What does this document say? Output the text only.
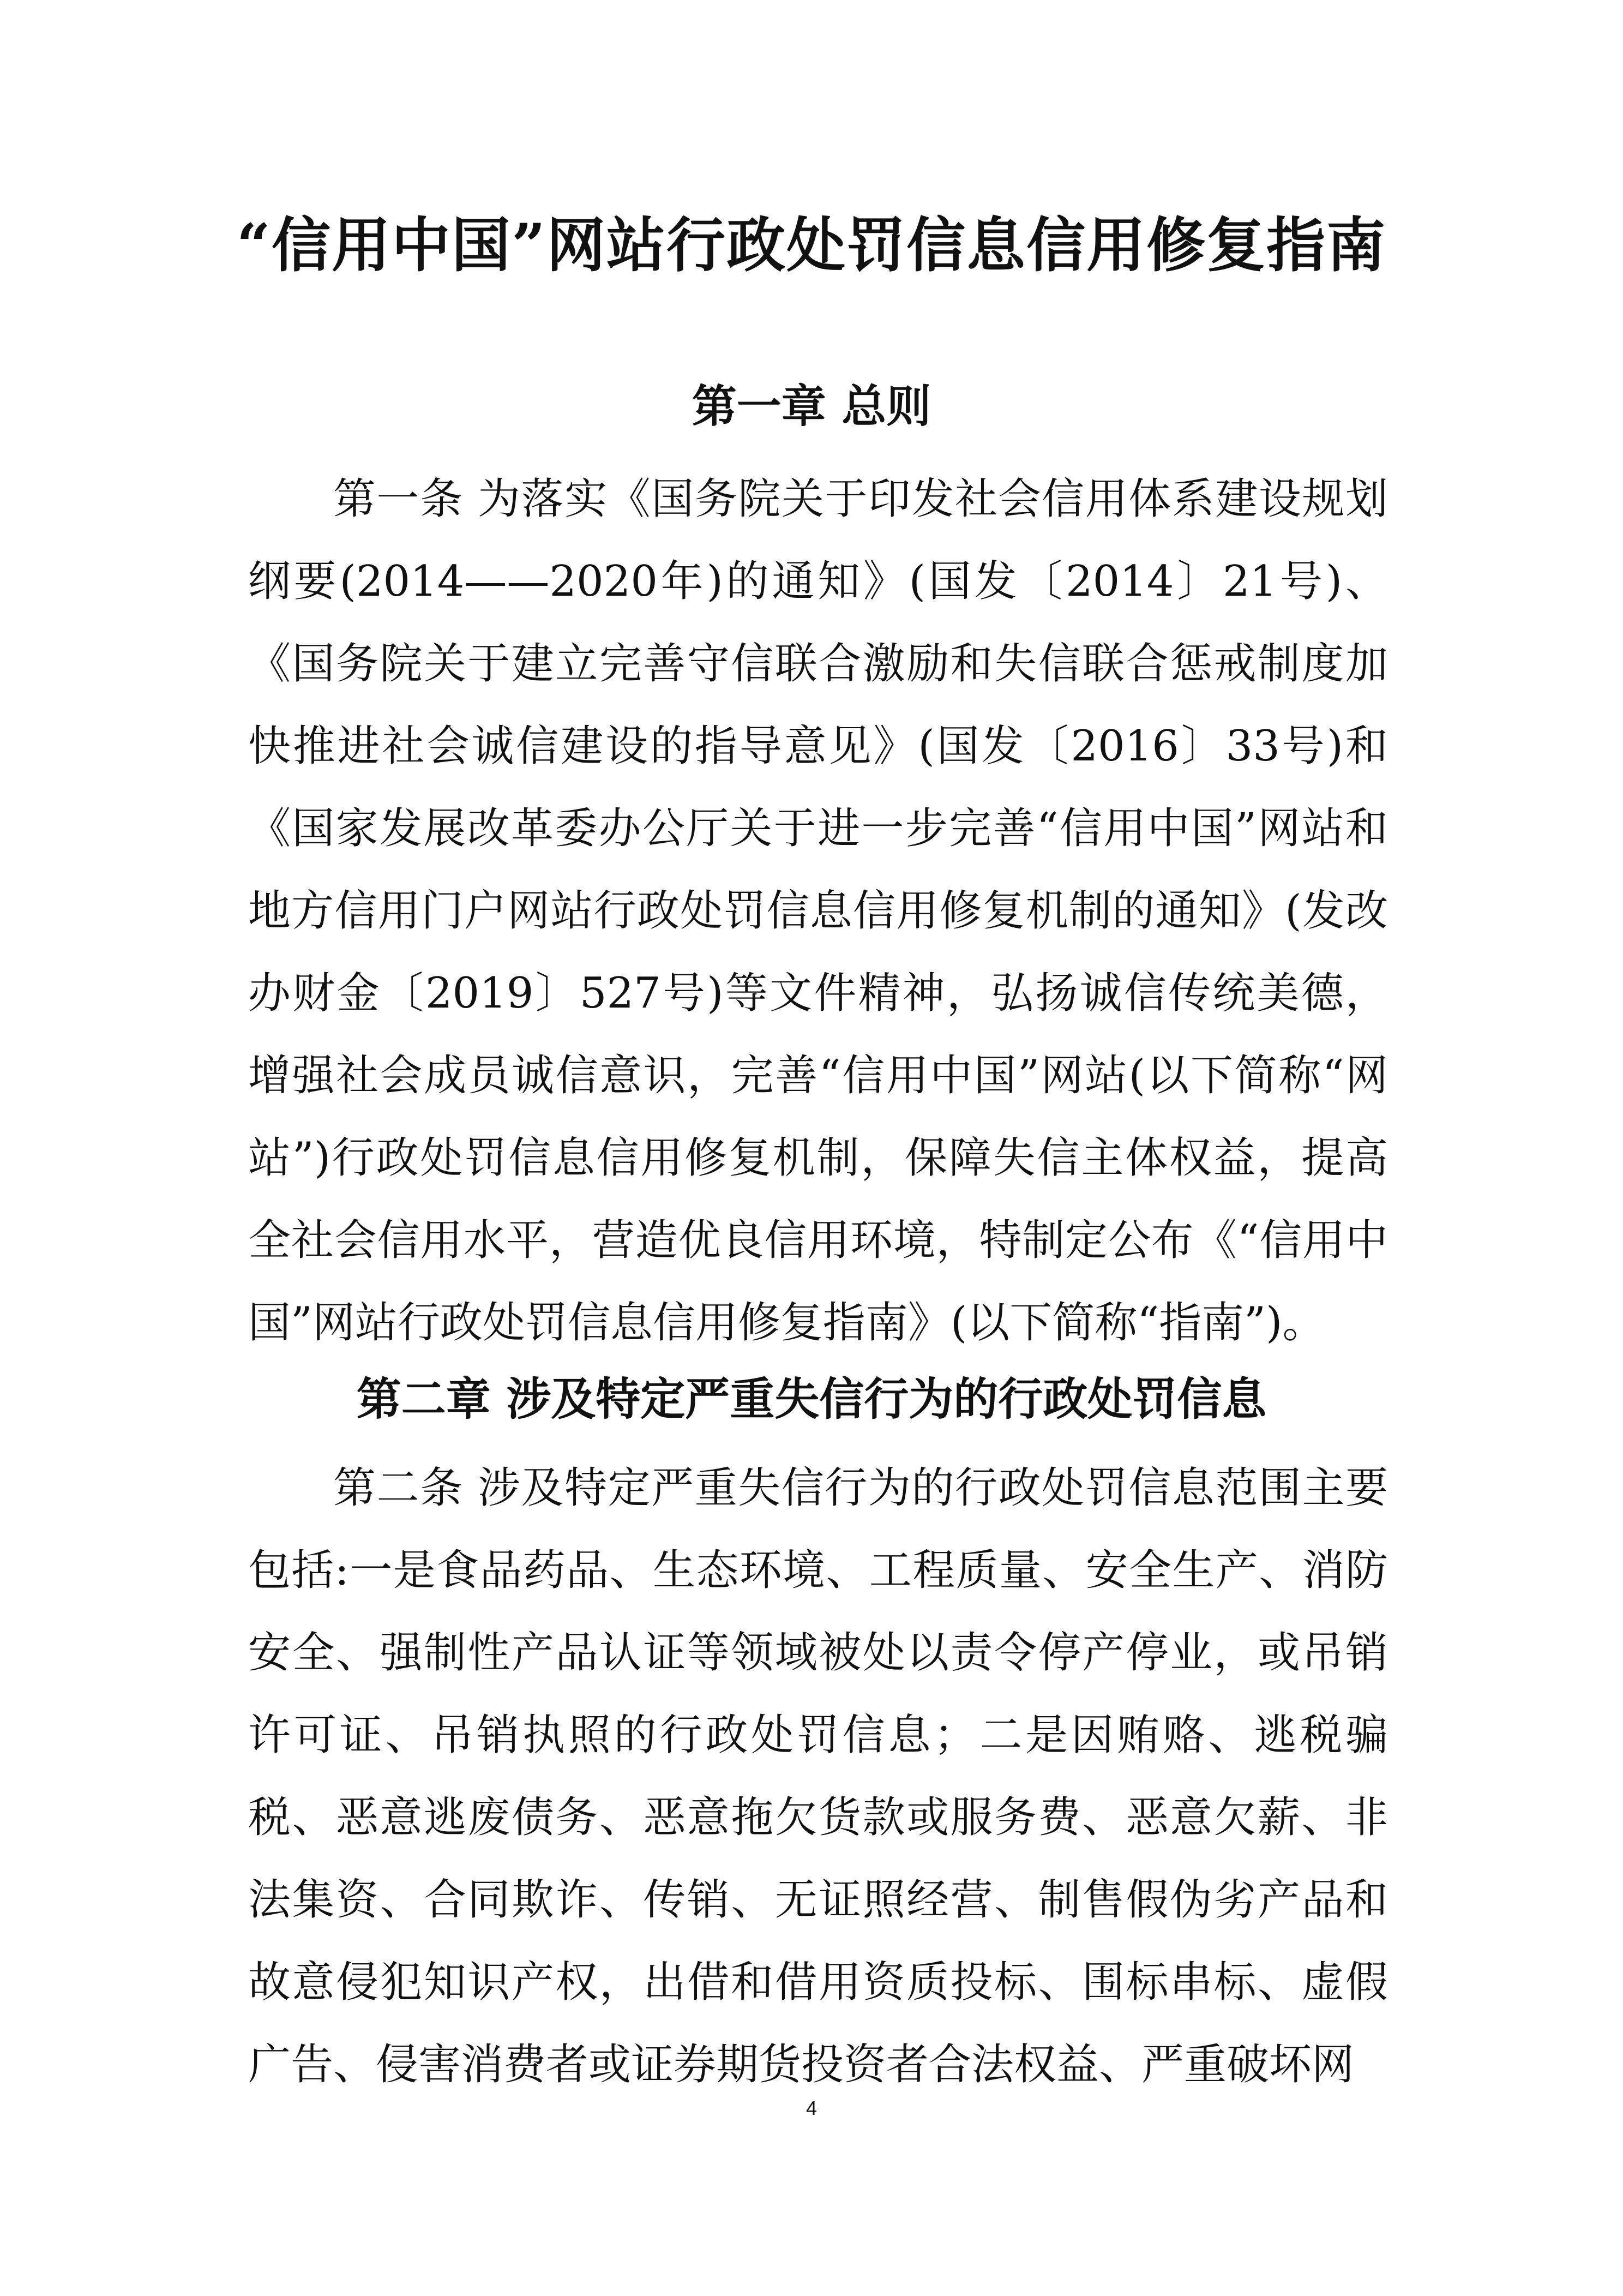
“信用中国”网站行政处罚信息信用修复指南
第一章 总则

第一条 为落实《国务院关于印发社会信用体系建设规划纲要(2014——2020年)的通知》(国发〔2014〕21号)、《国务院关于建立完善守信联合激励和失信联合惩戒制度加快推进社会诚信建设的指导意见》(国发〔2016〕33号)和《国家发展改革委办公厅关于进一步完善“信用中国”网站和地方信用门户网站行政处罚信息信用修复机制的通知》(发改办财金〔2019〕527号)等文件精神，弘扬诚信传统美德，增强社会成员诚信意识，完善“信用中国”网站(以下简称“网站”)行政处罚信息信用修复机制，保障失信主体权益，提高全社会信用水平，营造优良信用环境，特制定公布《“信用中国”网站行政处罚信息信用修复指南》(以下简称“指南”)。

第二章 涉及特定严重失信行为的行政处罚信息

第二条 涉及特定严重失信行为的行政处罚信息范围主要包括:一是食品药品、生态环境、工程质量、安全生产、消防安全、强制性产品认证等领域被处以责令停产停业，或吊销许可证、吊销执照的行政处罚信息；二是因贿赂、逃税骗税、恶意逃废债务、恶意拖欠货款或服务费、恶意欠薪、非法集资、合同欺诈、传销、无证照经营、制售假伪劣产品和故意侵犯知识产权，出借和借用资质投标、围标串标、虚假广告、侵害消费者或证券期货投资者合法权益、严重破坏网

4
